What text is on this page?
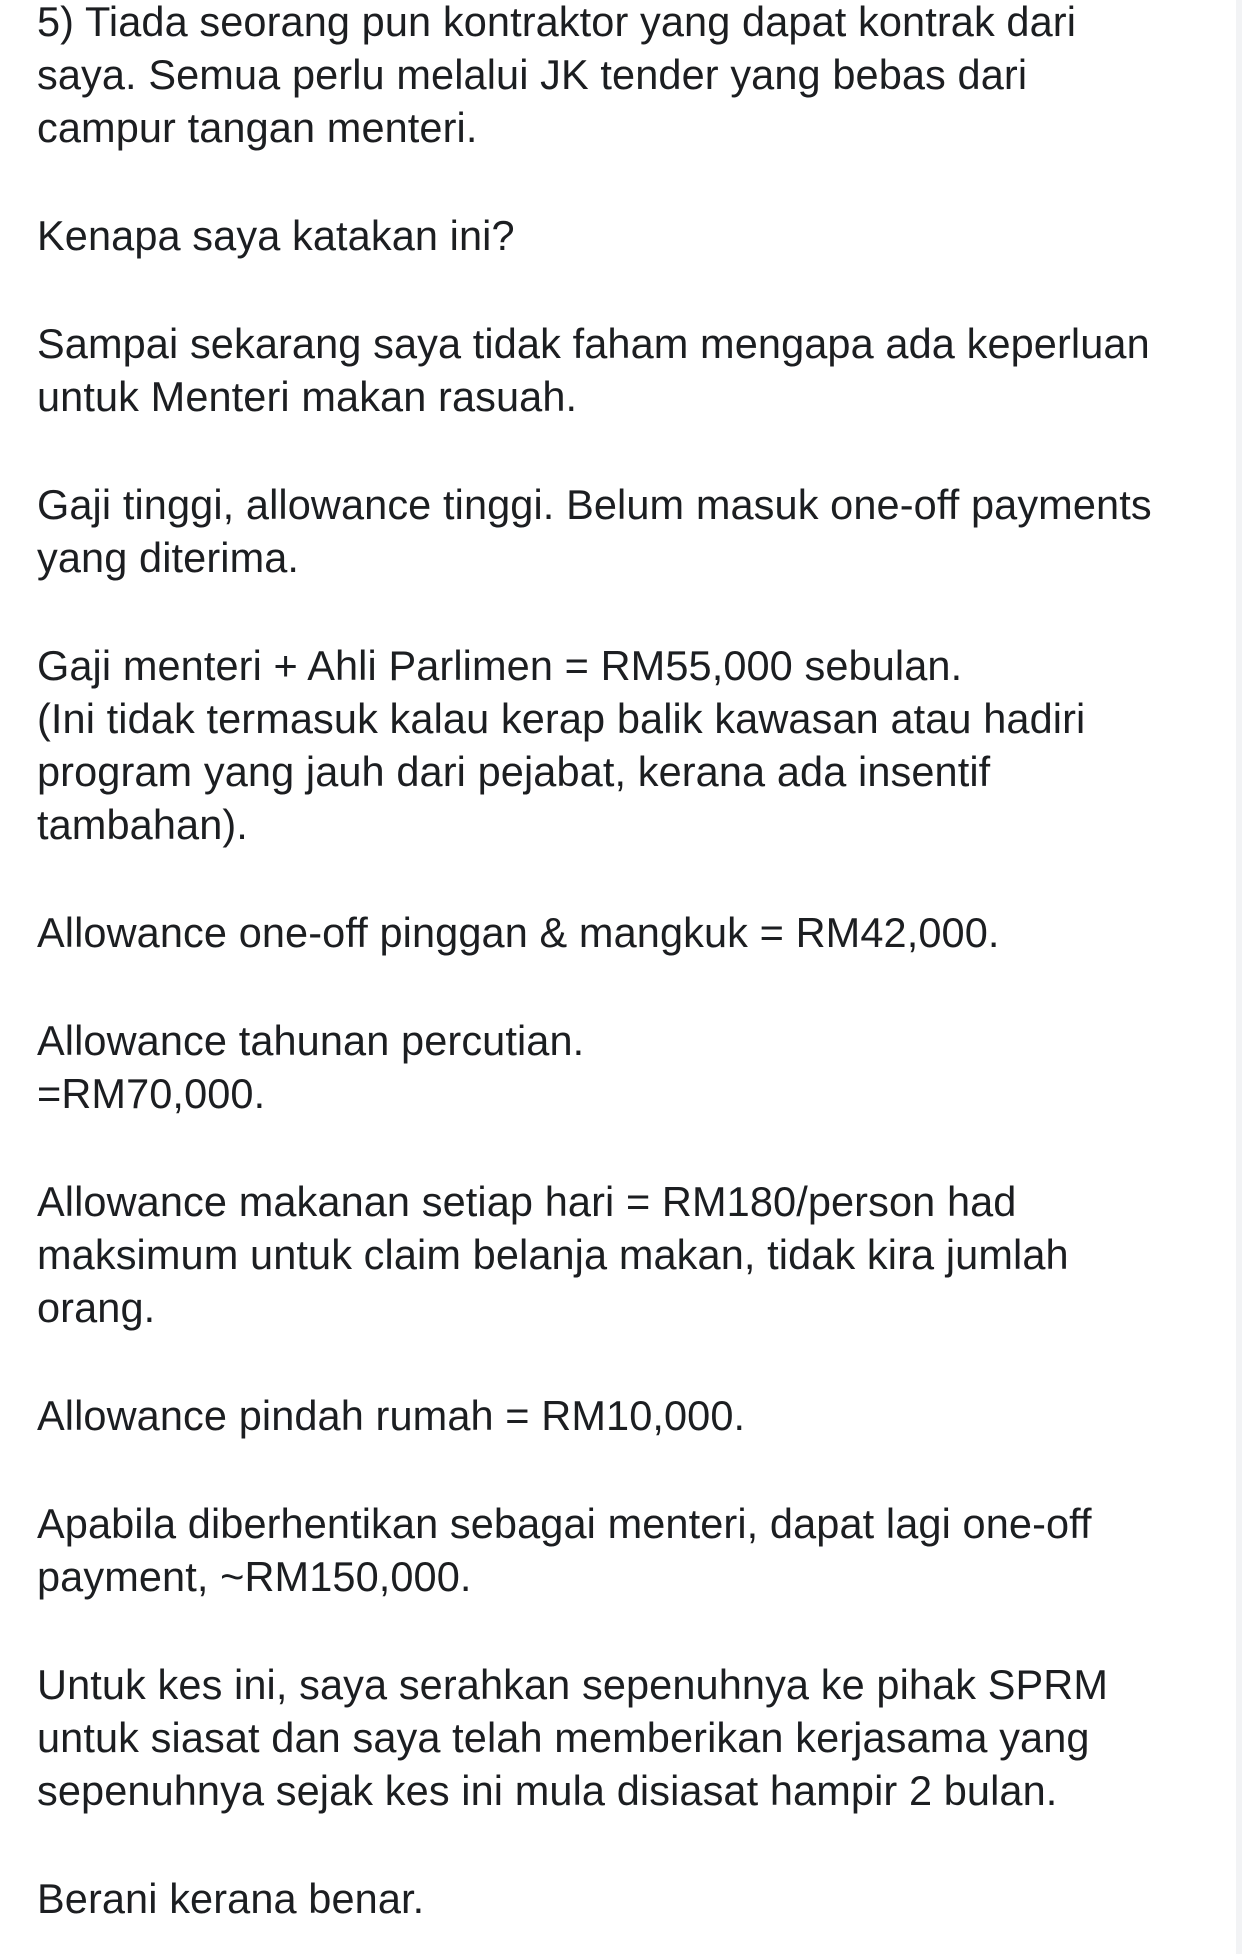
5) Tiada seorang pun kontraktor yang dapat kontrak dari
saya. Semua perlu melalui JK tender yang bebas dari
campur tangan menteri.
Kenapa saya katakan ini?
Sampai sekarang saya tidak faham mengapa ada keperluan
untuk Menteri makan rasuah.
Gaji tinggi, allowance tinggi. Belum masuk one-off payments
yang diterima.
Gaji menteri + Ahli Parlimen = RM55,000 sebulan.
(Ini tidak termasuk kalau kerap balik kawasan atau hadiri
program yang jauh dari pejabat, kerana ada insentif
tambahan).
Allowance one-off pinggan & mangkuk = RM42,000.
Allowance tahunan percutian.
=RM70,000.
Allowance makanan setiap hari = RM180/person had
maksimum untuk claim belanja makan, tidak kira jumlah
orang.
Allowance pindah rumah = RM10,000.
Apabila diberhentikan sebagai menteri, dapat lagi one-off
payment, ~RM150,000.
Untuk kes ini, saya serahkan sepenuhnya ke pihak SPRM
untuk siasat dan saya telah memberikan kerjasama yang
sepenuhnya sejak kes ini mula disiasat hampir 2 bulan.
Berani kerana benar.
